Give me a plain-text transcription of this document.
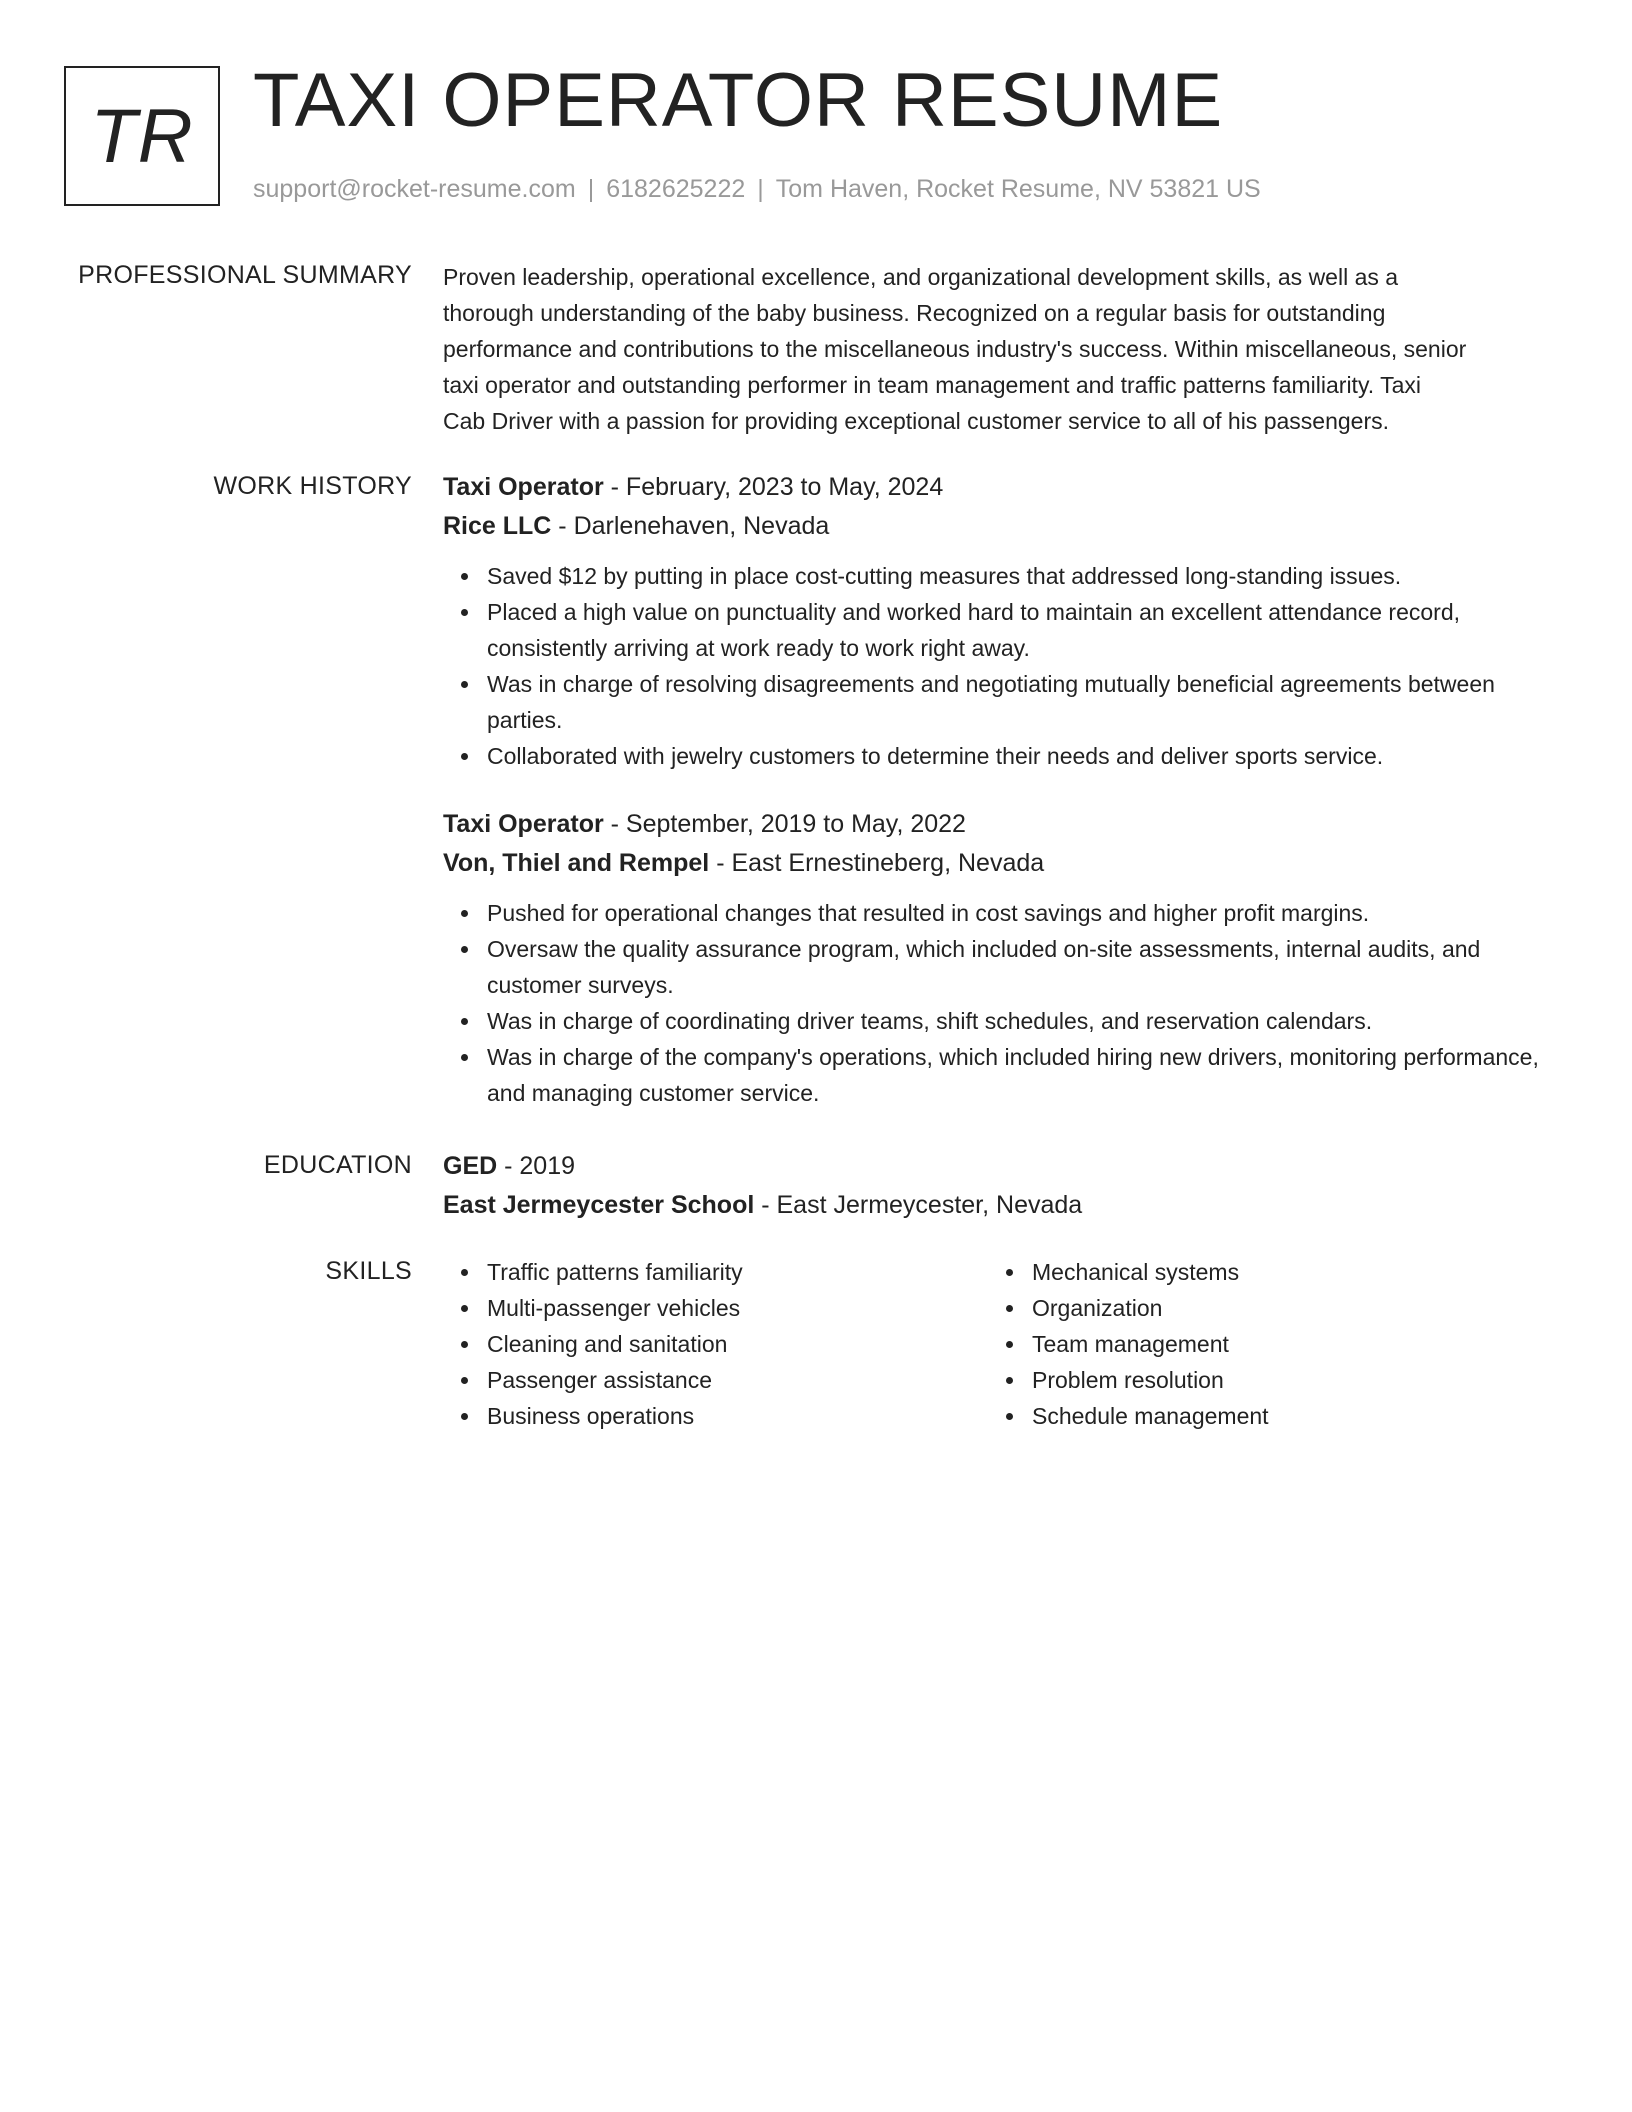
TR TAXI OPERATOR RESUME
support@rocket-resume.com | 6182625222 | Tom Haven, Rocket Resume, NV 53821 US
PROFESSIONAL SUMMARY Proven leadership, operational excellence, and organizational development skills, as well as a
thorough understanding of the baby business. Recognized on a regular basis for outstanding
performance and contributions to the miscellaneous industry's success. Within miscellaneous, senior
taxi operator and outstanding performer in team management and traffic patterns familiarity. Taxi
Cab Driver with a passion for providing exceptional customer service to all of his passengers.

WORK HISTORY Taxi Operator - February, 2023 to May, 2024

Rice LLC - Darlenehaven, Nevada

Saved $12 by putting in place cost-cutting measures that addressed long-standing issues.
Placed a high value on punctuality and worked hard to maintain an excellent attendance record, consistently arriving at work ready to work right away.
Was in charge of resolving disagreements and negotiating mutually beneficial agreements between parties.
Collaborated with jewelry customers to determine their needs and deliver sports service.

Taxi Operator - September, 2019 to May, 2022

Von, Thiel and Rempel - East Ernestineberg, Nevada

Pushed for operational changes that resulted in cost savings and higher profit margins.
Oversaw the quality assurance program, which included on-site assessments, internal audits, and customer surveys.
Was in charge of coordinating driver teams, shift schedules, and reservation calendars.
Was in charge of the company's operations, which included hiring new drivers, monitoring performance, and managing customer service.
EDUCATION GED - 2019

East Jermeycester School - East Jermeycester, Nevada

SKILLS	Traffic patterns familiarity
Multi-passenger vehicles
Cleaning and sanitation
Passenger assistance
Business operations
Mechanical systems
Organization
Team management
Problem resolution
Schedule management
